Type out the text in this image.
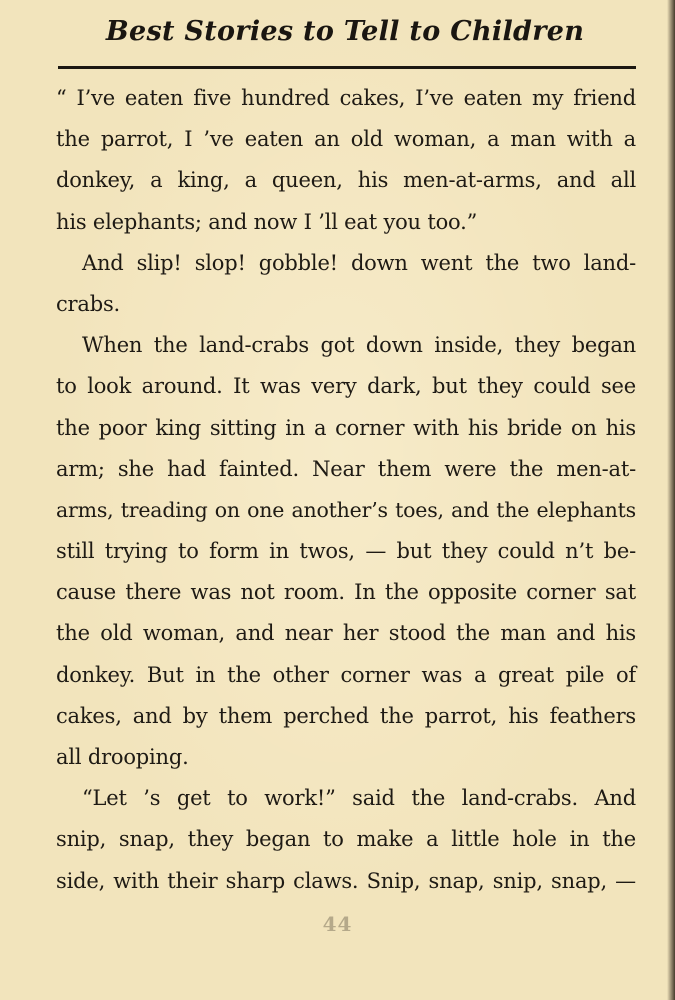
Best Stories to Tell to Children
“ I’ve eaten five hundred cakes, I’ve eaten my friend
the parrot, I ’ve eaten an old woman, a man with a
donkey, a king, a queen, his men-at-arms, and all
his elephants; and now I ’ll eat you too.”
And slip! slop! gobble! down went the two land-
crabs.
When the land-crabs got down inside, they began
to look around. It was very dark, but they could see
the poor king sitting in a corner with his bride on his
arm; she had fainted. Near them were the men-at-
arms, treading on one another’s toes, and the elephants
still trying to form in twos, — but they could n’t be-
cause there was not room. In the opposite corner sat
the old woman, and near her stood the man and his
donkey. But in the other corner was a great pile of
cakes, and by them perched the parrot, his feathers
all drooping.
“Let ’s get to work!” said the land-crabs. And
snip, snap, they began to make a little hole in the
side, with their sharp claws. Snip, snap, snip, snap, —
44
